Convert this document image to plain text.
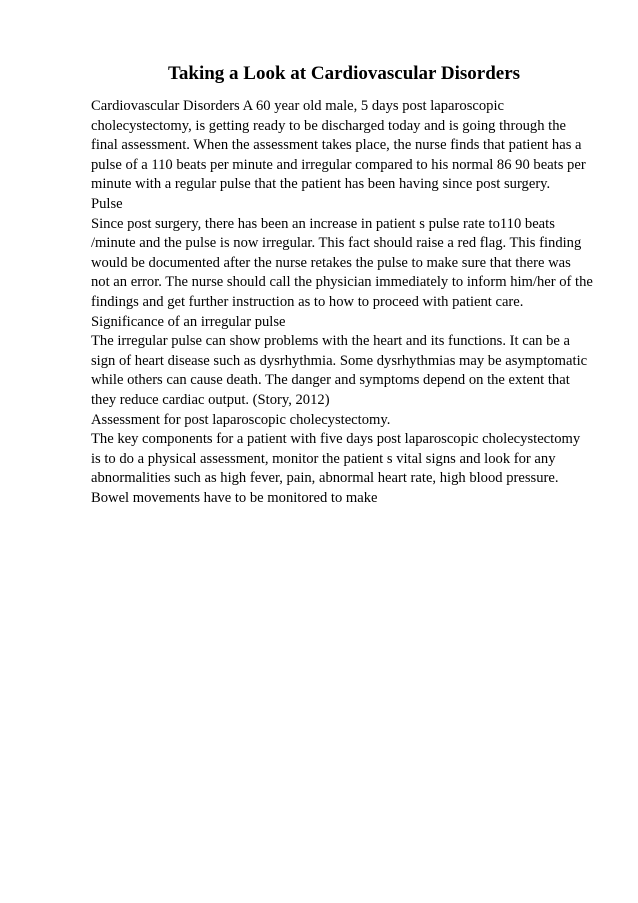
Taking a Look at Cardiovascular Disorders
Cardiovascular Disorders A 60 year old male, 5 days post laparoscopic
cholecystectomy, is getting ready to be discharged today and is going through the
final assessment. When the assessment takes place, the nurse finds that patient has a
pulse of a 110 beats per minute and irregular compared to his normal 86 90 beats per
minute with a regular pulse that the patient has been having since post surgery.
Pulse
Since post surgery, there has been an increase in patient s pulse rate to110 beats
/minute and the pulse is now irregular. This fact should raise a red flag. This finding
would be documented after the nurse retakes the pulse to make sure that there was
not an error. The nurse should call the physician immediately to inform him/her of the
findings and get further instruction as to how to proceed with patient care.
Significance of an irregular pulse
The irregular pulse can show problems with the heart and its functions. It can be a
sign of heart disease such as dysrhythmia. Some dysrhythmias may be asymptomatic
while others can cause death. The danger and symptoms depend on the extent that
they reduce cardiac output. (Story, 2012)
Assessment for post laparoscopic cholecystectomy.
The key components for a patient with five days post laparoscopic cholecystectomy
is to do a physical assessment, monitor the patient s vital signs and look for any
abnormalities such as high fever, pain, abnormal heart rate, high blood pressure.
Bowel movements have to be monitored to make
